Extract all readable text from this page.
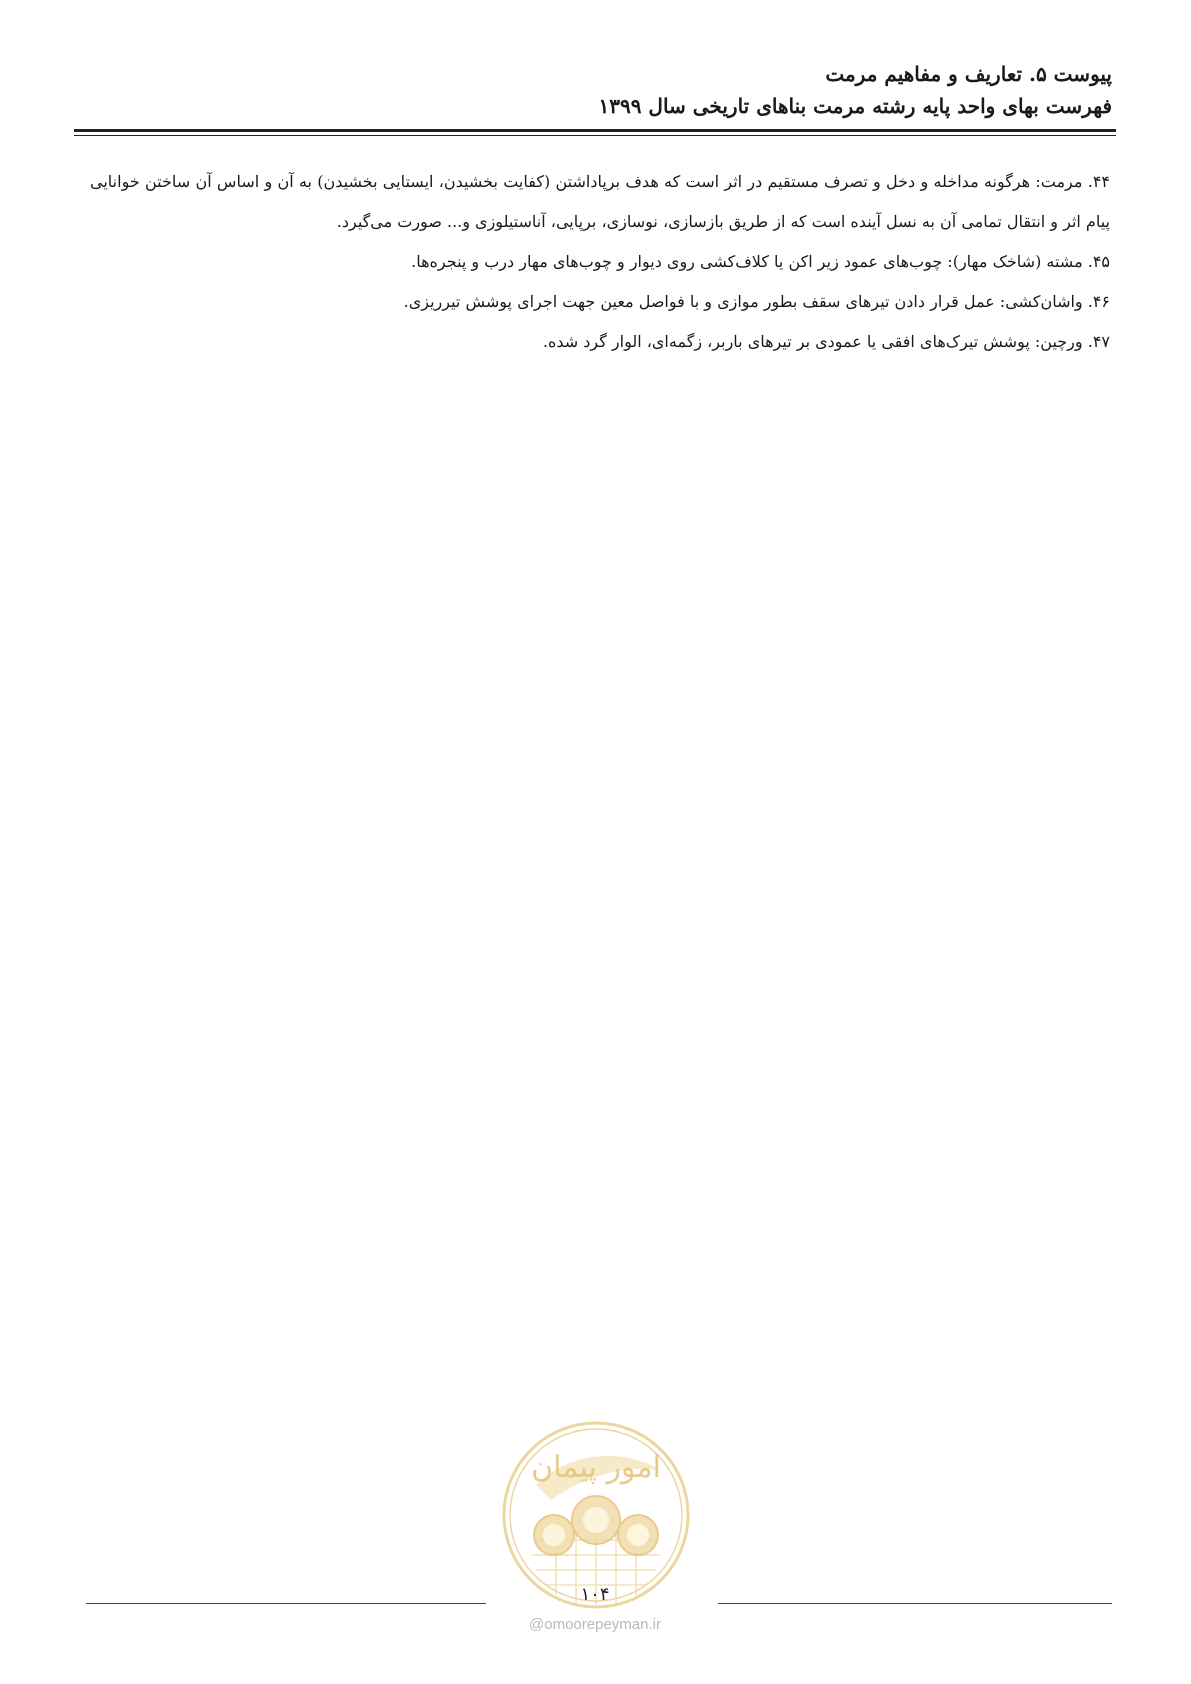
پیوست ۵. تعاریف و مفاهیم مرمت
فهرست بهای واحد پایه رشته مرمت بناهای تاریخی سال ۱۳۹۹

۴۴. مرمت: هرگونه مداخله و دخل و تصرف مستقیم در اثر است که هدف برپاداشتن (کفایت بخشیدن، ایستایی بخشیدن) به آن و اساس آن ساختن خوانایی پیام اثر و انتقال تمامی آن به نسل آینده است که از طریق بازسازی، نوسازی، برپایی، آناستیلوزی و... صورت می‌گیرد.

۴۵. مشته (شاخک مهار): چوب‌های عمود زیر اکن یا کلاف‌کشی روی دیوار و چوب‌های مهار درب و پنجره‌ها.

۴۶. واشان‌کشی: عمل قرار دادن تیرهای سقف بطور موازی و با فواصل معین جهت اجرای پوشش تیرریزی.

۴۷. ورچین: پوشش تیرک‌های افقی یا عمودی بر تیرهای باربر، زگمه‌ای، الوار گرد شده.

امور پیمان
۱۰۴
@omoorepeyman.ir
